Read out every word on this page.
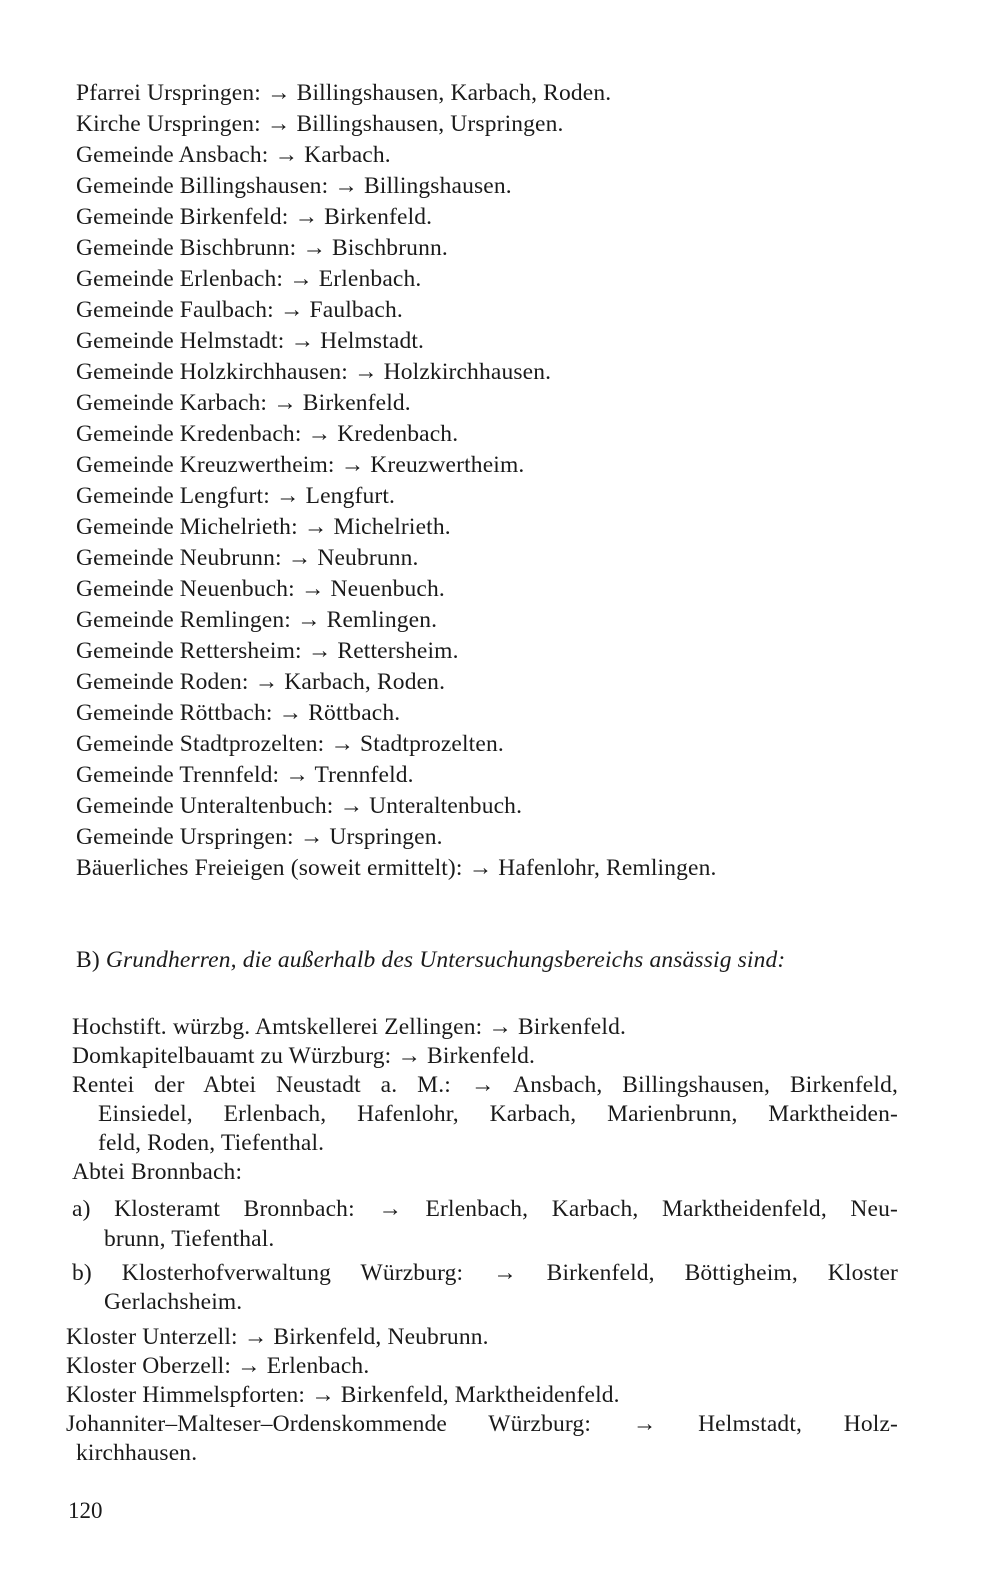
Pfarrei Urspringen: → Billingshausen, Karbach, Roden.
Kirche Urspringen: → Billingshausen, Urspringen.
Gemeinde Ansbach: → Karbach.
Gemeinde Billingshausen: → Billingshausen.
Gemeinde Birkenfeld: → Birkenfeld.
Gemeinde Bischbrunn: → Bischbrunn.
Gemeinde Erlenbach: → Erlenbach.
Gemeinde Faulbach: → Faulbach.
Gemeinde Helmstadt: → Helmstadt.
Gemeinde Holzkirchhausen: → Holzkirchhausen.
Gemeinde Karbach: → Birkenfeld.
Gemeinde Kredenbach: → Kredenbach.
Gemeinde Kreuzwertheim: → Kreuzwertheim.
Gemeinde Lengfurt: → Lengfurt.
Gemeinde Michelrieth: → Michelrieth.
Gemeinde Neubrunn: → Neubrunn.
Gemeinde Neuenbuch: → Neuenbuch.
Gemeinde Remlingen: → Remlingen.
Gemeinde Rettersheim: → Rettersheim.
Gemeinde Roden: → Karbach, Roden.
Gemeinde Röttbach: → Röttbach.
Gemeinde Stadtprozelten: → Stadtprozelten.
Gemeinde Trennfeld: → Trennfeld.
Gemeinde Unteraltenbuch: → Unteraltenbuch.
Gemeinde Urspringen: → Urspringen.
Bäuerliches Freieigen (soweit ermittelt): → Hafenlohr, Remlingen.
B) Grundherren, die außerhalb des Untersuchungsbereichs ansässig sind:
Hochstift. würzbg. Amtskellerei Zellingen: → Birkenfeld.
Domkapitelbauamt zu Würzburg: → Birkenfeld.
Rentei der Abtei Neustadt a. M.: → Ansbach, Billingshausen, Birkenfeld,
Einsiedel, Erlenbach, Hafenlohr, Karbach, Marienbrunn, Marktheiden-
feld, Roden, Tiefenthal.
Abtei Bronnbach:
a) Klosteramt Bronnbach: → Erlenbach, Karbach, Marktheidenfeld, Neu-
brunn, Tiefenthal.
b) Klosterhofverwaltung Würzburg: → Birkenfeld, Böttigheim, Kloster
Gerlachsheim.
Kloster Unterzell: → Birkenfeld, Neubrunn.
Kloster Oberzell: → Erlenbach.
Kloster Himmelspforten: → Birkenfeld, Marktheidenfeld.
Johanniter–Malteser–Ordenskommende Würzburg: → Helmstadt, Holz-
kirchhausen.
120
